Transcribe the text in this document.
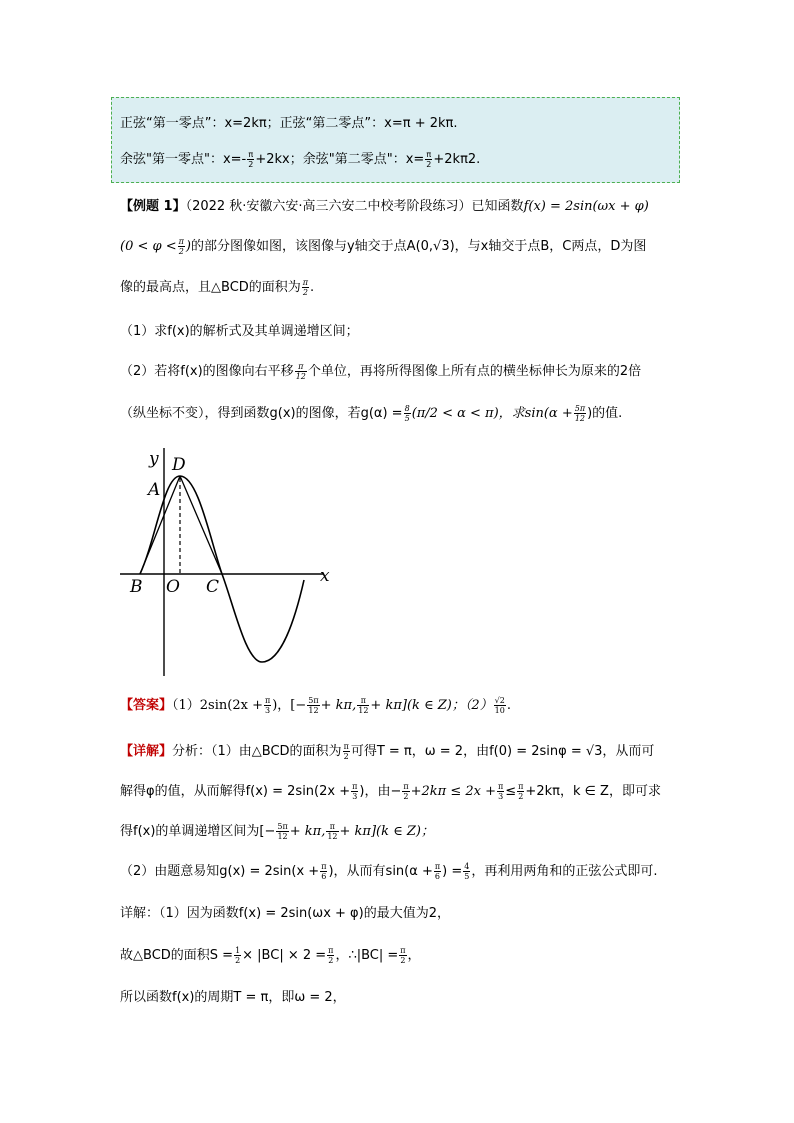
正弦“第一零点”：x=2kπ；正弦“第二零点”：x=π + 2kπ.
余弦"第一零点"：$x=- \frac{\pi}{2} +2kx$；余弦"第二零点"：$x= \frac{\pi}{2} +2k\pi 2$.
【例题 1】（2022 秋·安徽六安·高三六安二中校考阶段练习）已知函数f(x) = 2sin(ωx + φ)
($0 < \varphi < \frac{\pi}{2}$ )的部分图像如图，该图像与y轴交于点A(0,√3)，与x轴交于点B，C两点，D为图
像的最高点，且△BCD的面积为 $\frac{\pi}{2}$ .
（1）求f(x)的解析式及其单调递增区间；
（2）若将f(x)的图像向右平移 $\frac{\pi}{12}$ 个单位，再将所得图像上所有点的横坐标伸长为原来的2倍
（纵坐标不变），得到函数g(x)的图像，若$g(\alpha) = \frac{8}{5} (\pi/2 < \alpha < \pi)$，求$\sin(\alpha + \frac{5\pi}{12}$ )的值.
y D
A
x
B O C
【答案】$(1)2\sin(2x + \frac{\pi}{3}$ )，[− $\frac{5\pi}{12} + k\pi$, $\frac{\pi}{12} + k\pi](k$ ∈ Z)；$(2) \frac{√2}{10}$ .
【详解】分析：（1）由△BCD的面积为 $\frac{\pi}{2}$ 可得T = π，ω = 2，由f(0) = 2sinφ = √3，从而可
解得φ的值，从而解得$f(x) = 2\sin(2x + \frac{\pi}{3}$ )，由− $\frac{\pi}{2} +2k\pi \le 2x + \frac{\pi}{3} \le \frac{\pi}{2} +2k\pi$，k ∈ Z，即可求
得f(x)的单调递增区间为[− $\frac{5\pi}{12} + k\pi$, $\frac{\pi}{12} + k\pi](k$ ∈ Z)；
（2）由题意易知$g(x) = 2\sin(x + \frac{\pi}{6}$ )，从而有$\sin(\alpha + \frac{\pi}{6}$ ) = $\frac{4}{5}$ ，再利用两角和的正弦公式即可.
详解：（1）因为函数f(x) = 2sin(ωx + φ)的最大值为2，
故△BCD的面积$S = \frac{1}{2} \times |BC| \times 2 = \frac{\pi}{2}$ ，∴|BC| = $\frac{\pi}{2}$ ，
所以函数f(x)的周期T = π，即ω = 2，
